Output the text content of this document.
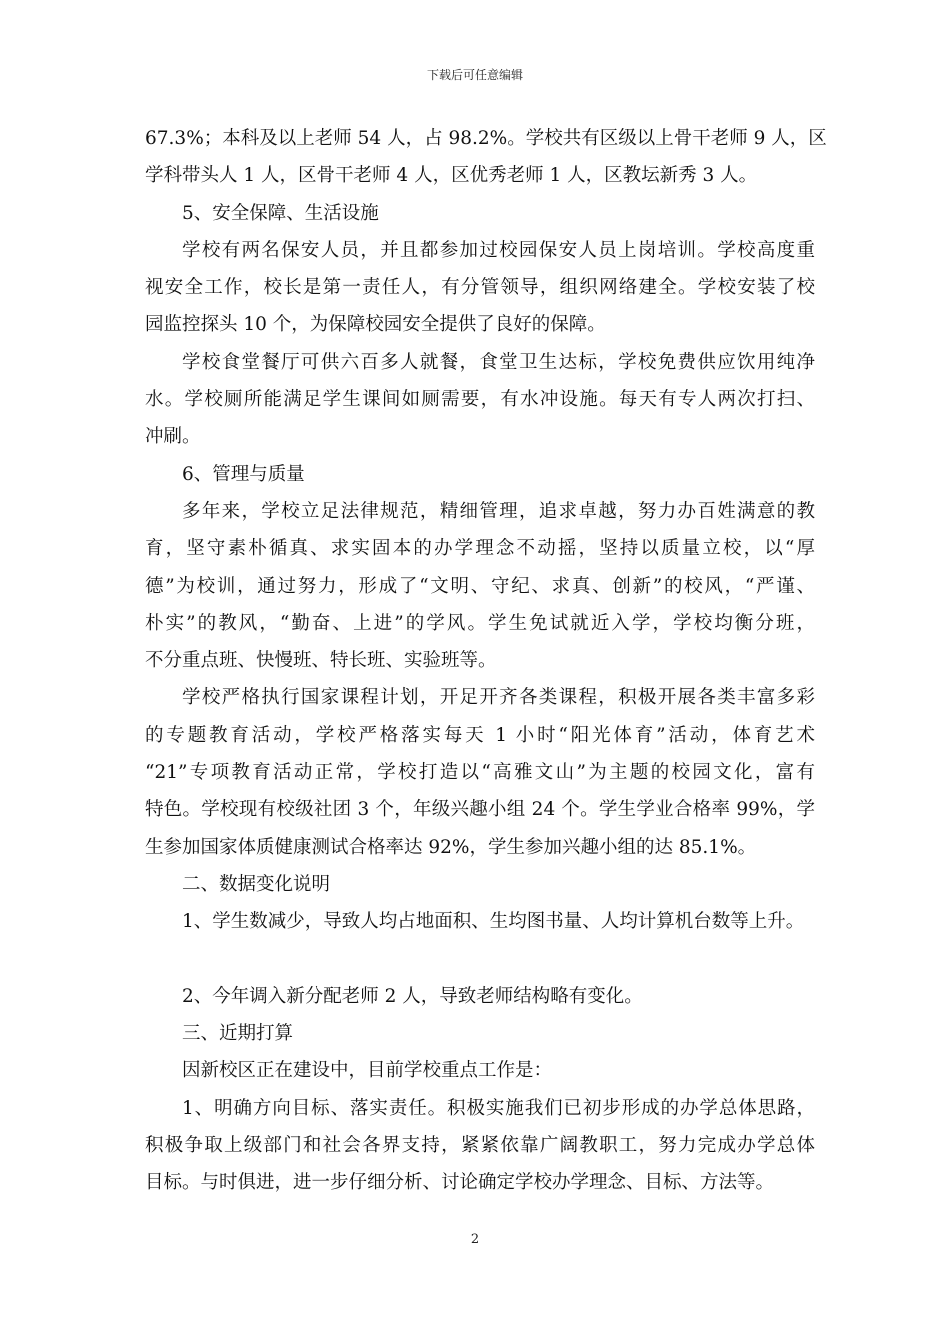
下载后可任意编辑
67.3%；本科及以上老师 54 人，占 98.2%。学校共有区级以上骨干老师 9 人，区
学科带头人 1 人，区骨干老师 4 人，区优秀老师 1 人，区教坛新秀 3 人。
5、安全保障、生活设施
学校有两名保安人员，并且都参加过校园保安人员上岗培训。学校高度重
视安全工作，校长是第一责任人，有分管领导，组织网络建全。学校安装了校
园监控探头 10 个，为保障校园安全提供了良好的保障。
学校食堂餐厅可供六百多人就餐，食堂卫生达标，学校免费供应饮用纯净
水。学校厕所能满足学生课间如厕需要，有水冲设施。每天有专人两次打扫、
冲刷。
6、管理与质量
多年来，学校立足法律规范，精细管理，追求卓越，努力办百姓满意的教
育，坚守素朴循真、求实固本的办学理念不动摇，坚持以质量立校，以“厚
德”为校训，通过努力，形成了“文明、守纪、求真、创新”的校风，“严谨、
朴实”的教风，“勤奋、上进”的学风。学生免试就近入学，学校均衡分班，
不分重点班、快慢班、特长班、实验班等。
学校严格执行国家课程计划，开足开齐各类课程，积极开展各类丰富多彩
的专题教育活动，学校严格落实每天 1 小时“阳光体育”活动，体育艺术
“21”专项教育活动正常，学校打造以“高雅文山”为主题的校园文化，富有
特色。学校现有校级社团 3 个，年级兴趣小组 24 个。学生学业合格率 99%，学
生参加国家体质健康测试合格率达 92%，学生参加兴趣小组的达 85.1%。
二、数据变化说明
1、学生数减少，导致人均占地面积、生均图书量、人均计算机台数等上升。
2、今年调入新分配老师 2 人，导致老师结构略有变化。
三、近期打算
因新校区正在建设中，目前学校重点工作是：
1、明确方向目标、落实责任。积极实施我们已初步形成的办学总体思路，
积极争取上级部门和社会各界支持，紧紧依靠广阔教职工，努力完成办学总体
目标。与时俱进，进一步仔细分析、讨论确定学校办学理念、目标、方法等。
2
